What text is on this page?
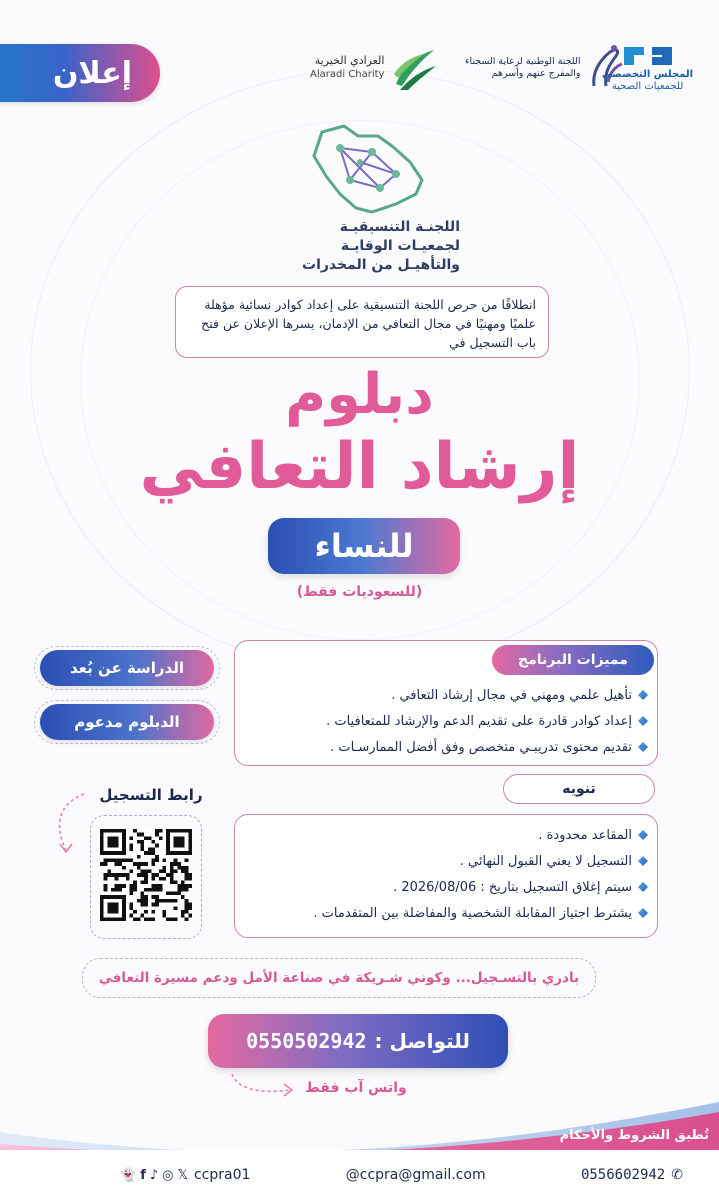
إعلان	العرادي الخيرية
Alaradi Charity
اللجنة الوطنية لرعاية السجناء
والمفرج عنهم وأسرهم المجلس التخصصي
للجمعيات الصحية
اللجنـة التنسيقيـة
لجمعيـات الوقايـة
والتأهيـل من المخدرات
انطلاقًا من حرص اللجنة التنسيقية على إعداد كوادر نسائية مؤهلة علميًا ومهنيًا في مجال التعافي من الإدمان، يسرها الإعلان عن فتح باب التسجيل في
دبلوم
إرشاد التعافي
للنساء
(للسعوديات فقط)
الدراسة عن بُعد
الدبلوم مدعوم
مميزات البرنامج
تأهيل علمي ومهني في مجال إرشاد التعافي .
إعداد كوادر قادرة على تقديم الدعم والإرشاد للمتعافيات .
تقديم محتوى تدريبـي متخصص وفق أفضل الممارسـات .
تنويه
المقاعد محدودة .
التسجيل لا يعني القبول النهائي .
سيتم إغلاق التسجيل بتاريخ : 2026/08/06 .
يشترط اجتياز المقابلة الشخصية والمفاضلة بين المتقدمات .
رابط التسجيل
بادري بالتسـجيل... وكوني شـريكة في صناعة الأمل ودعم مسيرة التعافي
للتواصل :
0550502942
واتس آب فقط
تُطبق الشروط والأحكام
👻 f ♪ ◎ 𝕏 ccpra01	@ccpra@gmail.com	0556602942 ✆
